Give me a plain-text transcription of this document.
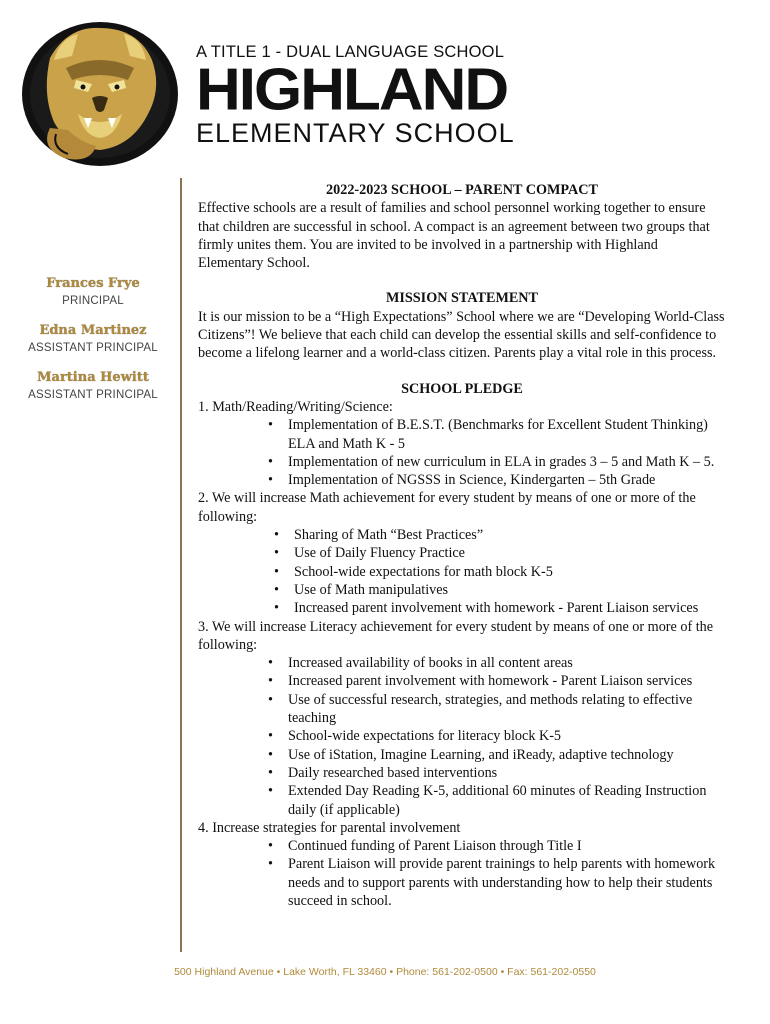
A TITLE 1 - DUAL LANGUAGE SCHOOL
HIGHLAND
ELEMENTARY SCHOOL
Frances Frye
PRINCIPAL
Edna Martinez
ASSISTANT PRINCIPAL
Martina Hewitt
ASSISTANT PRINCIPAL
2022-2023 SCHOOL – PARENT COMPACT

Effective schools are a result of families and school personnel working together to ensure that children are successful in school. A compact is an agreement between two groups that firmly unites them. You are invited to be involved in a partnership with Highland Elementary School.

MISSION STATEMENT

It is our mission to be a “High Expectations” School where we are “Developing World-Class Citizens”! We believe that each child can develop the essential skills and self-confidence to become a lifelong learner and a world-class citizen. Parents play a vital role in this process.

SCHOOL PLEDGE

1. Math/Reading/Writing/Science:

• Implementation of B.E.S.T. (Benchmarks for Excellent Student Thinking) ELA and Math K - 5
• Implementation of new curriculum in ELA in grades 3 – 5 and Math K – 5.
• Implementation of NGSSS in Science, Kindergarten – 5th Grade

2. We will increase Math achievement for every student by means of one or more of the following:

• Sharing of Math “Best Practices”
• Use of Daily Fluency Practice
• School-wide expectations for math block K-5
• Use of Math manipulatives
• Increased parent involvement with homework - Parent Liaison services

3. We will increase Literacy achievement for every student by means of one or more of the following:

• Increased availability of books in all content areas
• Increased parent involvement with homework - Parent Liaison services
• Use of successful research, strategies, and methods relating to effective teaching
• School-wide expectations for literacy block K-5
• Use of iStation, Imagine Learning, and iReady, adaptive technology
• Daily researched based interventions
• Extended Day Reading K-5, additional 60 minutes of Reading Instruction daily (if applicable)

4. Increase strategies for parental involvement

• Continued funding of Parent Liaison through Title I
• Parent Liaison will provide parent trainings to help parents with homework needs and to support parents with understanding how to help their students succeed in school.
500 Highland Avenue • Lake Worth, FL 33460 • Phone: 561-202-0500 • Fax: 561-202-0550
